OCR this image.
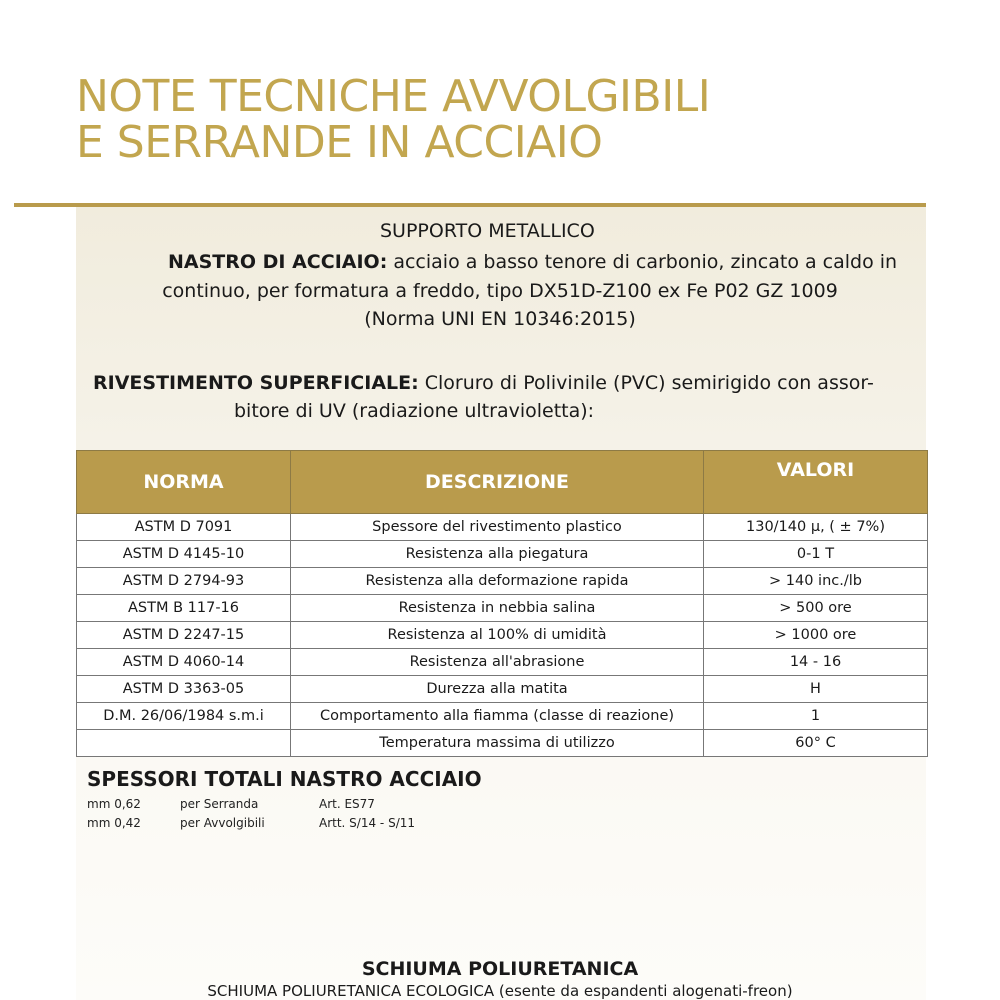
NOTE TECNICHE AVVOLGIBILI
E SERRANDE IN ACCIAIO
SUPPORTO METALLICO
NASTRO DI ACCIAIO: acciaio a basso tenore di carbonio, zincato a caldo in
continuo, per formatura a freddo, tipo DX51D-Z100 ex Fe P02 GZ 1009
(Norma UNI EN 10346:2015)
RIVESTIMENTO SUPERFICIALE: Cloruro di Polivinile (PVC) semirigido con assor-
bitore di UV (radiazione ultravioletta):
NORMA	DESCRIZIONE	VALORI
ASTM D 7091	Spessore del rivestimento plastico	130/140 µ, ( ± 7%)
ASTM D 4145-10	Resistenza alla piegatura	0-1 T
ASTM D 2794-93	Resistenza alla deformazione rapida	> 140 inc./lb
ASTM B 117-16	Resistenza in nebbia salina	> 500 ore
ASTM D 2247-15	Resistenza al 100% di umidità	> 1000 ore
ASTM D 4060-14	Resistenza all'abrasione	14 - 16
ASTM D 3363-05	Durezza alla matita	H
D.M. 26/06/1984 s.m.i	Comportamento alla fiamma (classe di reazione)	1
	Temperatura massima di utilizzo	60° C
SPESSORI TOTALI NASTRO ACCIAIO
mm 0,62	per Serranda	Art. ES77
mm 0,42	per Avvolgibili	Artt. S/14 - S/11
SCHIUMA POLIURETANICA
SCHIUMA POLIURETANICA ECOLOGICA (esente da espandenti alogenati-freon)
